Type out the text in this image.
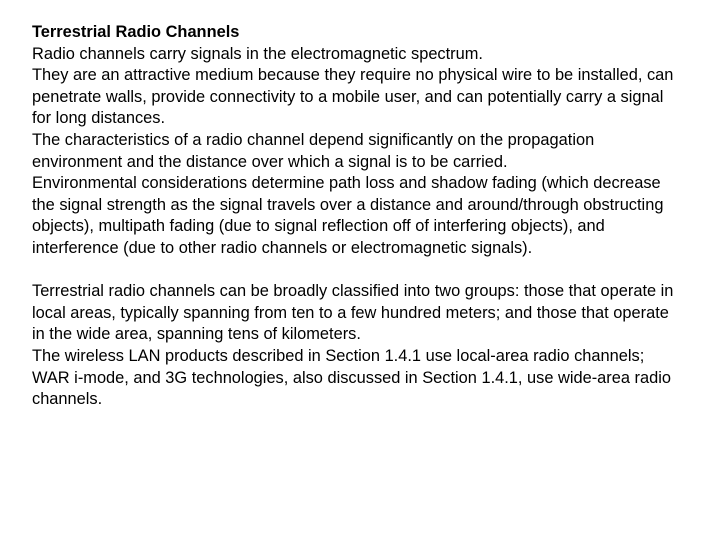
Terrestrial Radio Channels

Radio channels carry signals in the electromagnetic spectrum.

They are an attractive medium because they require no physical wire to be installed, can penetrate walls, provide connectivity to a mobile user, and can potentially carry a signal for long distances.

The characteristics of a radio channel depend significantly on the propagation environment and the distance over which a signal is to be carried.

Environmental considerations determine path loss and shadow fading (which decrease the signal strength as the signal travels over a distance and around/through obstructing objects), multipath fading (due to signal reflection off of interfering objects), and interference (due to other radio channels or electromagnetic signals).

Terrestrial radio channels can be broadly classified into two groups: those that operate in local areas, typically spanning from ten to a few hundred meters; and those that operate in the wide area, spanning tens of kilometers.

The wireless LAN products described in Section 1.4.1 use local-area radio channels; WAR i-mode, and 3G technologies, also discussed in Section 1.4.1, use wide-area radio channels.
